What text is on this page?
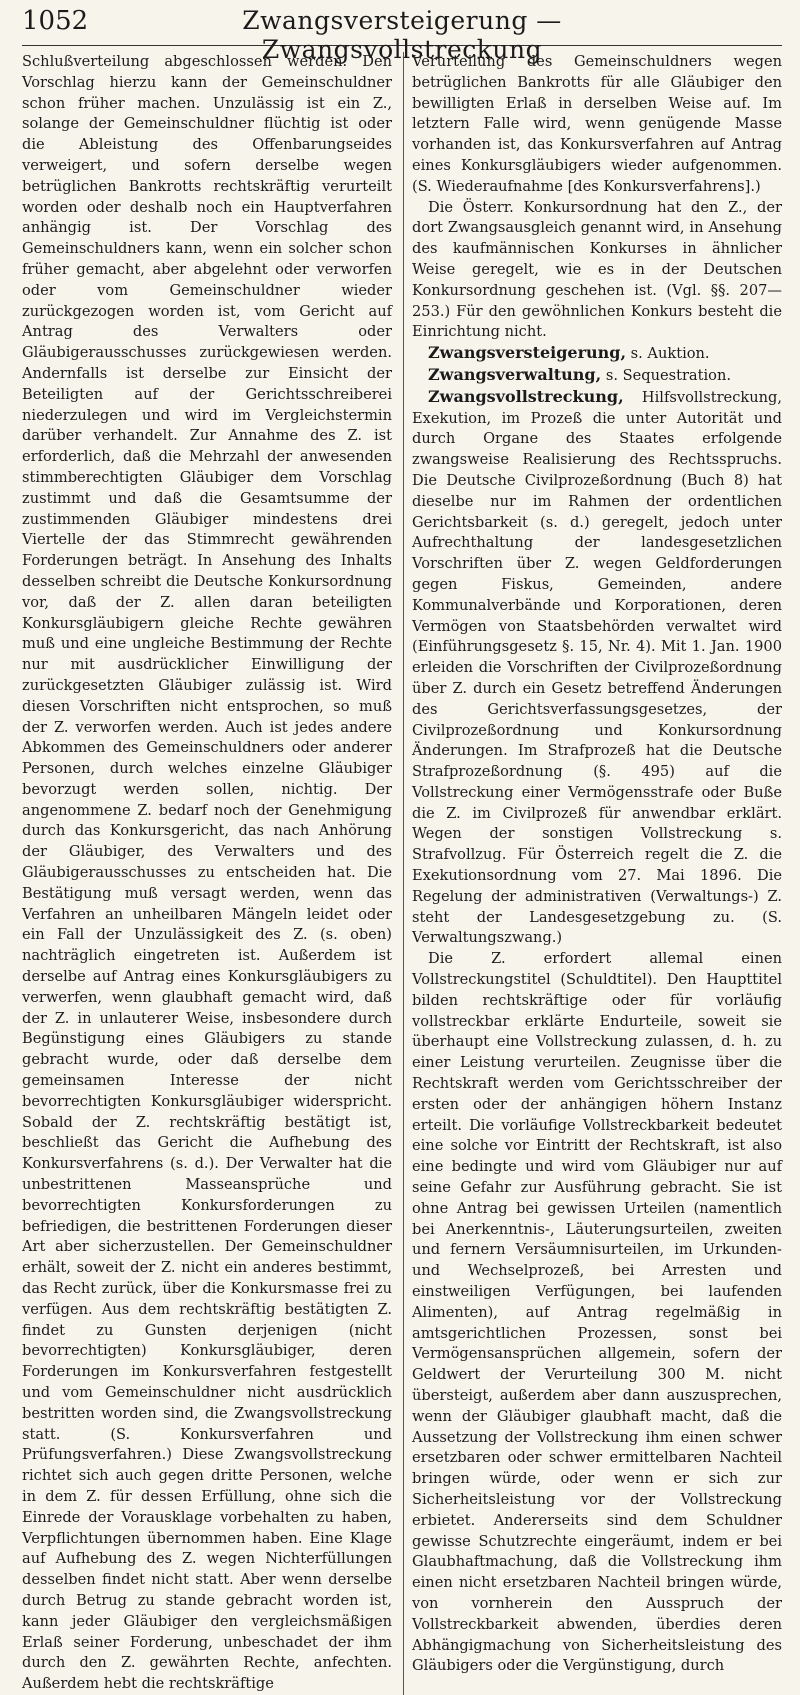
1052	Zwangsversteigerung — Zwangsvollstreckung

Schlußverteilung abgeschlossen werden. Den Vorschlag hierzu kann der Gemeinschuldner schon früher machen. Unzulässig ist ein Z., solange der Gemeinschuldner flüchtig ist oder die Ableistung des Offenbarungseides verweigert, und sofern derselbe wegen betrüglichen Bankrotts rechtskräftig verurteilt worden oder deshalb noch ein Hauptverfahren anhängig ist. Der Vorschlag des Gemeinschuldners kann, wenn ein solcher schon früher gemacht, aber abgelehnt oder verworfen oder vom Gemeinschuldner wieder zurückgezogen worden ist, vom Gericht auf Antrag des Verwalters oder Gläubigerausschusses zurückgewiesen werden. Andernfalls ist derselbe zur Einsicht der Beteiligten auf der Gerichtsschreiberei niederzulegen und wird im Vergleichstermin darüber verhandelt. Zur Annahme des Z. ist erforderlich, daß die Mehrzahl der anwesenden stimmberechtigten Gläubiger dem Vorschlag zustimmt und daß die Gesamtsumme der zustimmenden Gläubiger mindestens drei Viertelle der das Stimmrecht gewährenden Forderungen beträgt. In Ansehung des Inhalts desselben schreibt die Deutsche Konkursordnung vor, daß der Z. allen daran beteiligten Konkursgläubigern gleiche Rechte gewähren muß und eine ungleiche Bestimmung der Rechte nur mit ausdrücklicher Einwilligung der zurückgesetzten Gläubiger zulässig ist. Wird diesen Vorschriften nicht entsprochen, so muß der Z. verworfen werden. Auch ist jedes andere Abkommen des Gemeinschuldners oder anderer Personen, durch welches einzelne Gläubiger bevorzugt werden sollen, nichtig. Der angenommene Z. bedarf noch der Genehmigung durch das Konkursgericht, das nach Anhörung der Gläubiger, des Verwalters und des Gläubigerausschusses zu entscheiden hat. Die Bestätigung muß versagt werden, wenn das Verfahren an unheilbaren Mängeln leidet oder ein Fall der Unzulässigkeit des Z. (s. oben) nachträglich eingetreten ist. Außerdem ist derselbe auf Antrag eines Konkursgläubigers zu verwerfen, wenn glaubhaft gemacht wird, daß der Z. in unlauterer Weise, insbesondere durch Begünstigung eines Gläubigers zu stande gebracht wurde, oder daß derselbe dem gemeinsamen Interesse der nicht bevorrechtigten Konkursgläubiger widerspricht. Sobald der Z. rechtskräftig bestätigt ist, beschließt das Gericht die Aufhebung des Konkursverfahrens (s. d.). Der Verwalter hat die unbestrittenen Masseansprüche und bevorrechtigten Konkursforderungen zu befriedigen, die bestrittenen Forderungen dieser Art aber sicherzustellen. Der Gemeinschuldner erhält, soweit der Z. nicht ein anderes bestimmt, das Recht zurück, über die Konkursmasse frei zu verfügen. Aus dem rechtskräftig bestätigten Z. findet zu Gunsten derjenigen (nicht bevorrechtigten) Konkursgläubiger, deren Forderungen im Konkursverfahren festgestellt und vom Gemeinschuldner nicht ausdrücklich bestritten worden sind, die Zwangsvollstreckung statt. (S. Konkursverfahren und Prüfungsverfahren.) Diese Zwangsvollstreckung richtet sich auch gegen dritte Personen, welche in dem Z. für dessen Erfüllung, ohne sich die Einrede der Vorausklage vorbehalten zu haben, Verpflichtungen übernommen haben. Eine Klage auf Aufhebung des Z. wegen Nichterfüllungen desselben findet nicht statt. Aber wenn derselbe durch Betrug zu stande gebracht worden ist, kann jeder Gläubiger den vergleichsmäßigen Erlaß seiner Forderung, unbeschadet der ihm durch den Z. gewährten Rechte, anfechten. Außerdem hebt die rechtskräftige

Verurteilung des Gemeinschuldners wegen betrüglichen Bankrotts für alle Gläubiger den bewilligten Erlaß in derselben Weise auf. Im letztern Falle wird, wenn genügende Masse vorhanden ist, das Konkursverfahren auf Antrag eines Konkursgläubigers wieder aufgenommen. (S. Wiederaufnahme [des Konkursverfahrens].)

Die Österr. Konkursordnung hat den Z., der dort Zwangsausgleich genannt wird, in Ansehung des kaufmännischen Konkurses in ähnlicher Weise geregelt, wie es in der Deutschen Konkursordnung geschehen ist. (Vgl. §§. 207—253.) Für den gewöhnlichen Konkurs besteht die Einrichtung nicht.

Zwangsversteigerung, s. Auktion.

Zwangsverwaltung, s. Sequestration.

Zwangsvollstreckung, Hilfsvollstreckung, Exekution, im Prozeß die unter Autorität und durch Organe des Staates erfolgende zwangsweise Realisierung des Rechtsspruchs. Die Deutsche Civilprozeßordnung (Buch 8) hat dieselbe nur im Rahmen der ordentlichen Gerichtsbarkeit (s. d.) geregelt, jedoch unter Aufrechthaltung der landesgesetzlichen Vorschriften über Z. wegen Geldforderungen gegen Fiskus, Gemeinden, andere Kommunalverbände und Korporationen, deren Vermögen von Staatsbehörden verwaltet wird (Einführungsgesetz §. 15, Nr. 4). Mit 1. Jan. 1900 erleiden die Vorschriften der Civilprozeßordnung über Z. durch ein Gesetz betreffend Änderungen des Gerichtsverfassungsgesetzes, der Civilprozeßordnung und Konkursordnung Änderungen. Im Strafprozeß hat die Deutsche Strafprozeßordnung (§. 495) auf die Vollstreckung einer Vermögensstrafe oder Buße die Z. im Civilprozeß für anwendbar erklärt. Wegen der sonstigen Vollstreckung s. Strafvollzug. Für Österreich regelt die Z. die Exekutionsordnung vom 27. Mai 1896. Die Regelung der administrativen (Verwaltungs-) Z. steht der Landesgesetzgebung zu. (S. Verwaltungszwang.)

Die Z. erfordert allemal einen Vollstreckungstitel (Schuldtitel). Den Haupttitel bilden rechtskräftige oder für vorläufig vollstreckbar erklärte Endurteile, soweit sie überhaupt eine Vollstreckung zulassen, d. h. zu einer Leistung verurteilen. Zeugnisse über die Rechtskraft werden vom Gerichtsschreiber der ersten oder der anhängigen höhern Instanz erteilt. Die vorläufige Vollstreckbarkeit bedeutet eine solche vor Eintritt der Rechtskraft, ist also eine bedingte und wird vom Gläubiger nur auf seine Gefahr zur Ausführung gebracht. Sie ist ohne Antrag bei gewissen Urteilen (namentlich bei Anerkenntnis-, Läuterungsurteilen, zweiten und fernern Versäumnisurteilen, im Urkunden- und Wechselprozeß, bei Arresten und einstweiligen Verfügungen, bei laufenden Alimenten), auf Antrag regelmäßig in amtsgerichtlichen Prozessen, sonst bei Vermögensansprüchen allgemein, sofern der Geldwert der Verurteilung 300 M. nicht übersteigt, außerdem aber dann auszusprechen, wenn der Gläubiger glaubhaft macht, daß die Aussetzung der Vollstreckung ihm einen schwer ersetzbaren oder schwer ermittelbaren Nachteil bringen würde, oder wenn er sich zur Sicherheitsleistung vor der Vollstreckung erbietet. Andererseits sind dem Schuldner gewisse Schutzrechte eingeräumt, indem er bei Glaubhaftmachung, daß die Vollstreckung ihm einen nicht ersetzbaren Nachteil bringen würde, von vornherein den Ausspruch der Vollstreckbarkeit abwenden, überdies deren Abhängigmachung von Sicherheitsleistung des Gläubigers oder die Vergünstigung, durch
